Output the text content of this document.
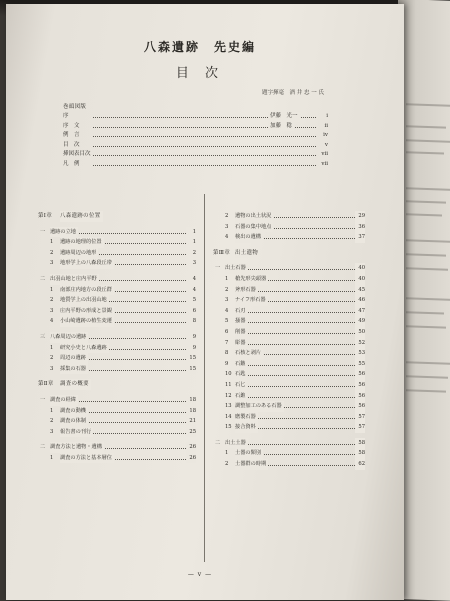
八森遺跡　先史編
目 次
題字揮毫　酒 井 忠 一 氏
巻頭図版
序	伊藤　光一	i
序　文	加藤　稔	ii
例　言	iv
目　次	v
挿図表目次	vii
凡　例	vii
第Ⅰ章 八森遺跡の位置
一 遺跡の立地	1
1 遺跡の地理的位置	1
2 遺跡周辺の地形	2
3 地形学上の八森段丘帯	3
二 出羽山地と庄内平野	4
1 南部庄内地方の段丘群	4
2 地質学上の出羽山地	5
3 庄内平野の形成と景観	6
4 小山崎遺跡の植生変遷	8
三 八森周辺の遺跡	9
1 研究小史と八森遺跡	9
2 周辺の遺跡	15
3 採集の石器	15
第Ⅱ章 調査の概要
一 調査の経緯	18
1 調査の動機	18
2 調査の体制	21
3 報告書の刊行	25
二 調査方法と遺物・遺構	26
1 調査の方法と基本層位	26
2 遺物の出土状況	29
3 石器の集中地点	36
4 検出の遺構	37
第Ⅲ章 出土遺物
一 出土石器	40
1 槍先形尖頭器	40
2 斧形石器	45
3 ナイフ形石器	46
4 石刃	47
5 掻器	49
6 削器	50
7 彫器	52
8 石核と剥片	53
9 石鏃	55
10 石匙	56
11 石匕	56
12 石錐	56
13 調整加工のある石器	56
14 磨製石器	57
15 接合資料	57
二 出土土器	58
1 土器の類別	58
2 土器群の時期	62
— v —
